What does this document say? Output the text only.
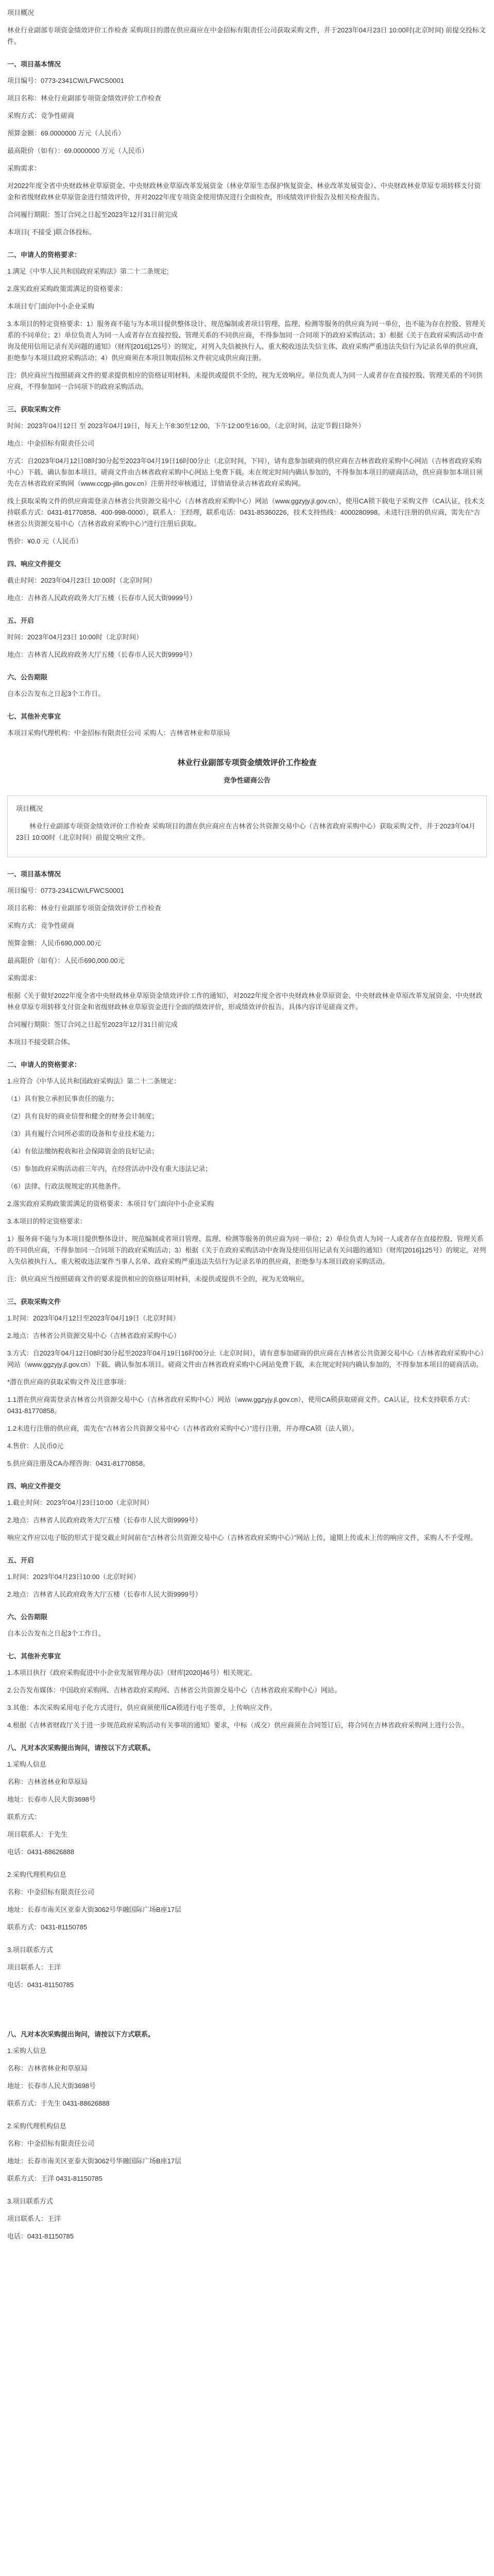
项目概况

林业行业副部专项资金绩效评价工作检查 采购项目的潜在供应商应在中金招标有限责任公司获取采购文件，并于2023年04月23日 10:00时(北京时间) 前提交投标文件。

一、项目基本情况

项目编号：0773-2341CW/LFWCS0001

项目名称：林业行业副部专项资金绩效评价工作检查

采购方式：竞争性磋商

预算金额：69.0000000 万元（人民币）

最高限价（如有）：69.0000000 万元（人民币）

采购需求：

对2022年度全省中央财政林业草原资金、中央财政林业草原改革发展资金（林业草原生态保护恢复资金、林业改革发展资金）、中央财政林业草原专项转移支付资金和省级财政林业草原资金进行绩效评价，并对2022年度专项资金使用情况进行全面检查，形成绩效评价报告及相关检查报告。

合同履行期限：签订合同之日起至2023年12月31日前完成

本项目( 不接受 )联合体投标。

二、申请人的资格要求：

1.满足《中华人民共和国政府采购法》第二十二条规定;

2.落实政府采购政策需满足的资格要求：

本项目专门面向中小企业采购

3.本项目的特定资格要求：1）服务商不能与为本项目提供整体设计、规范编制或者项目管理、监理、检测等服务的供应商为同一单位，也不能为存在控股、管理关系的不同单位；2）单位负责人为同一人或者存在直接控股、管理关系的不同供应商，不得参加同一合同项下的政府采购活动；3）根据《关于在政府采购活动中查询及使用信用记录有关问题的通知》（财库[2016]125号）的规定，对列入失信被执行人、重大税收违法失信主体、政府采购严重违法失信行为记录名单的供应商，拒绝参与本项目政府采购活动；4）供应商须在本项目领取招标文件前完成供应商注册。

注：供应商应当按照磋商文件的要求提供相应的资格证明材料，未提供或提供不全的，视为无效响应。单位负责人为同一人或者存在直接控股、管理关系的不同供应商，不得参加同一合同项下的政府采购活动。

三、获取采购文件

时间：2023年04月12日 至 2023年04月19日，每天上午8:30至12:00，下午12:00至16:00。（北京时间，法定节假日除外）

地点：中金招标有限责任公司

方式：自2023年04月12日08时30分起至2023年04月19日16时00分止（北京时间，下同），请有意参加磋商的供应商在吉林省政府采购中心网站（吉林省政府采购中心）下载、确认参加本项目。磋商文件由吉林省政府采购中心网站上免费下载。未在规定时间内确认参加的，不得参加本项目的磋商活动，供应商参加本项目须先在吉林省政府采购网（www.ccgp-jilin.gov.cn）注册并经审核通过，详情请登录吉林省政府采购网。

线上获取采购文件的供应商需登录吉林省公共资源交易中心（吉林省政府采购中心）网站（www.ggzyjy.jl.gov.cn），使用CA锁下载电子采购文件（CA认证，技术支持联系方式：0431-81770858、400-998-0000），联系人：王经理，联系电话：0431-85360226，技术支持热线：4000280998。未进行注册的供应商，需先在“吉林省公共资源交易中心（吉林省政府采购中心）”进行注册后获取。

售价：¥0.0 元（人民币）

四、响应文件提交

截止时间：2023年04月23日 10:00时（北京时间）

地点：吉林省人民政府政务大厅五楼（长春市人民大街9999号）

五、开启

时间：2023年04月23日 10:00时（北京时间）

地点：吉林省人民政府政务大厅五楼（长春市人民大街9999号）

六、公告期限

自本公告发布之日起3个工作日。

七、其他补充事宜

本项目采购代理机构：中金招标有限责任公司 采购人：吉林省林业和草原局

林业行业副部专项资金绩效评价工作检查
竞争性磋商公告

项目概况

林业行业副部专项资金绩效评价工作检查 采购项目的潜在供应商应在吉林省公共资源交易中心（吉林省政府采购中心）获取采购文件，并于2023年04月23日 10:00时（北京时间）前提交响应文件。

一、项目基本情况

项目编号：0773-2341CW/LFWCS0001

项目名称：林业行业副部专项资金绩效评价工作检查

采购方式：竞争性磋商

预算金额：人民币690,000.00元

最高限价（如有）：人民币690,000.00元

采购需求：

根据《关于做好2022年度全省中央财政林业草原资金绩效评价工作的通知》，对2022年度全省中央财政林业草原资金、中央财政林业草原改革发展资金、中央财政林业草原专项转移支付资金和省级财政林业草原资金进行全面的绩效评价，形成绩效评价报告。具体内容详见磋商文件。

合同履行期限：签订合同之日起至2023年12月31日前完成

本项目不接受联合体。

二、申请人的资格要求：

1.应符合《中华人民共和国政府采购法》第二十二条规定：

（1）具有独立承担民事责任的能力；

（2）具有良好的商业信誉和健全的财务会计制度；

（3）具有履行合同所必需的设备和专业技术能力；

（4）有依法缴纳税收和社会保障资金的良好记录；

（5）参加政府采购活动前三年内，在经营活动中没有重大违法记录；

（6）法律、行政法规规定的其他条件。

2.落实政府采购政策需满足的资格要求：本项目专门面向中小企业采购

3.本项目的特定资格要求：

1）服务商不能与为本项目提供整体设计、规范编制或者项目管理、监理、检测等服务的供应商为同一单位；2）单位负责人为同一人或者存在直接控股、管理关系的不同供应商，不得参加同一合同项下的政府采购活动；3）根据《关于在政府采购活动中查询及使用信用记录有关问题的通知》（财库[2016]125号）的规定，对列入失信被执行人、重大税收违法案件当事人名单、政府采购严重违法失信行为记录名单的供应商，拒绝参与本项目政府采购活动。

注：供应商应当按照磋商文件的要求提供相应的资格证明材料，未提供或提供不全的，视为无效响应。

三、获取采购文件

1.时间：2023年04月12日至2023年04月19日（北京时间）

2.地点：吉林省公共资源交易中心（吉林省政府采购中心）

3.方式：自2023年04月12日08时30分起至2023年04月19日16时00分止（北京时间），请有意参加磋商的供应商在吉林省公共资源交易中心（吉林省政府采购中心）网站（www.ggzyjy.jl.gov.cn）下载、确认参加本项目。磋商文件由吉林省政府采购中心网站免费下载，未在规定时间内确认参加的，不得参加本项目的磋商活动。

*潜在供应商的获取采购文件及注意事项：

1.1潜在供应商需登录吉林省公共资源交易中心（吉林省政府采购中心）网站（www.ggzyjy.jl.gov.cn），使用CA锁获取磋商文件。CA认证，技术支持联系方式：0431-81770858。

1.2未进行注册的供应商，需先在“吉林省公共资源交易中心（吉林省政府采购中心）”进行注册，并办理CA锁（法人锁）。

4.售价：人民币0元

5.供应商注册及CA办理咨询：0431-81770858。

四、响应文件提交

1.截止时间：2023年04月23日10:00（北京时间）

2.地点：吉林省人民政府政务大厅五楼（长春市人民大街9999号）

响应文件应以电子版的形式于提交截止时间前在“吉林省公共资源交易中心（吉林省政府采购中心）”网站上传，逾期上传或未上传的响应文件，采购人不予受理。

五、开启

1.时间：2023年04月23日10:00（北京时间）

2.地点：吉林省人民政府政务大厅五楼（长春市人民大街9999号）

六、公告期限

自本公告发布之日起3个工作日。

七、其他补充事宜

1.本项目执行《政府采购促进中小企业发展管理办法》（财库[2020]46号）相关规定。

2.公告发布媒体：中国政府采购网、吉林省政府采购网、吉林省公共资源交易中心（吉林省政府采购中心）网站。

3.其他：本次采购采用电子化方式进行，供应商须使用CA锁进行电子签章，上传响应文件。

4.根据《吉林省财政厅关于进一步规范政府采购活动有关事项的通知》要求，中标（成交）供应商须在合同签订后，将合同在吉林省政府采购网上进行公告。

八、凡对本次采购提出询问，请按以下方式联系。

1.采购人信息

名称：吉林省林业和草原局

地址：长春市人民大街3698号

联系方式：

项目联系人：于先生

电话：0431-88626888

2.采购代理机构信息

名称：中金招标有限责任公司

地址：长春市南关区亚泰大街3062号华融国际广场B座17层

联系方式：0431-81150785

3.项目联系方式

项目联系人：王洋

电话：0431-81150785

八、凡对本次采购提出询问，请按以下方式联系。

1.采购人信息

名称：吉林省林业和草原局

地址：长春市人民大街3698号

联系方式：于先生 0431-88626888

2.采购代理机构信息

名称：中金招标有限责任公司

地址：长春市南关区亚泰大街3062号华融国际广场B座17层

联系方式：王洋 0431-81150785

3.项目联系方式

项目联系人：王洋

电话：0431-81150785
